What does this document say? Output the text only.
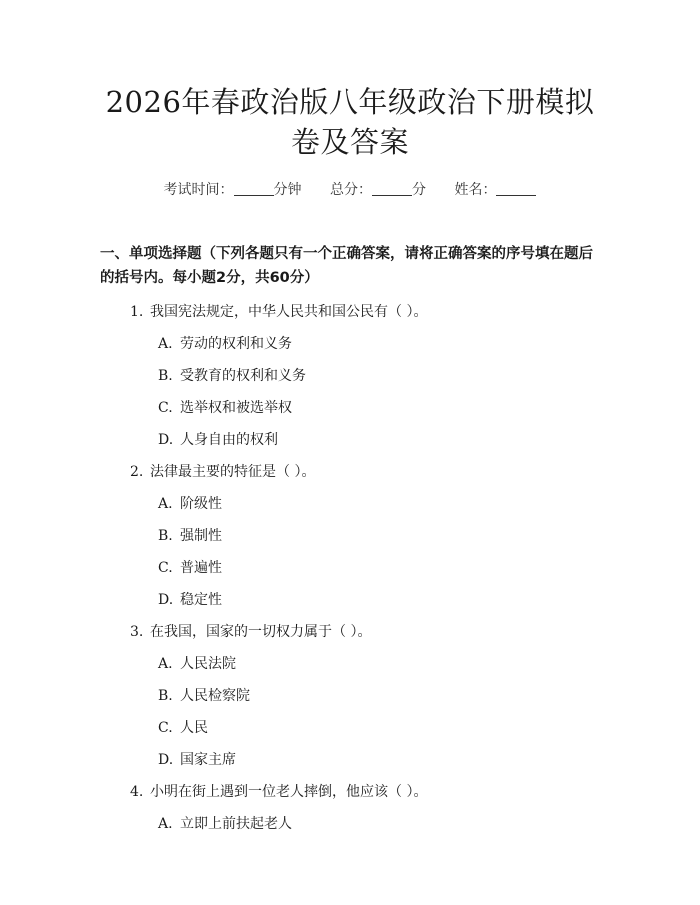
2026年春政治版八年级政治下册模拟卷及答案
考试时间：	分钟 总分：	分 姓名：
一、单项选择题（下列各题只有一个正确答案，请将正确答案的序号填在题后的括号内。每小题2分，共60分）
1. 我国宪法规定，中华人民共和国公民有（ ）。
A. 劳动的权利和义务
B. 受教育的权利和义务
C. 选举权和被选举权
D. 人身自由的权利
2. 法律最主要的特征是（ ）。
A. 阶级性
B. 强制性
C. 普遍性
D. 稳定性
3. 在我国，国家的一切权力属于（ ）。
A. 人民法院
B. 人民检察院
C. 人民
D. 国家主席
4. 小明在街上遇到一位老人摔倒，他应该（ ）。
A. 立即上前扶起老人
